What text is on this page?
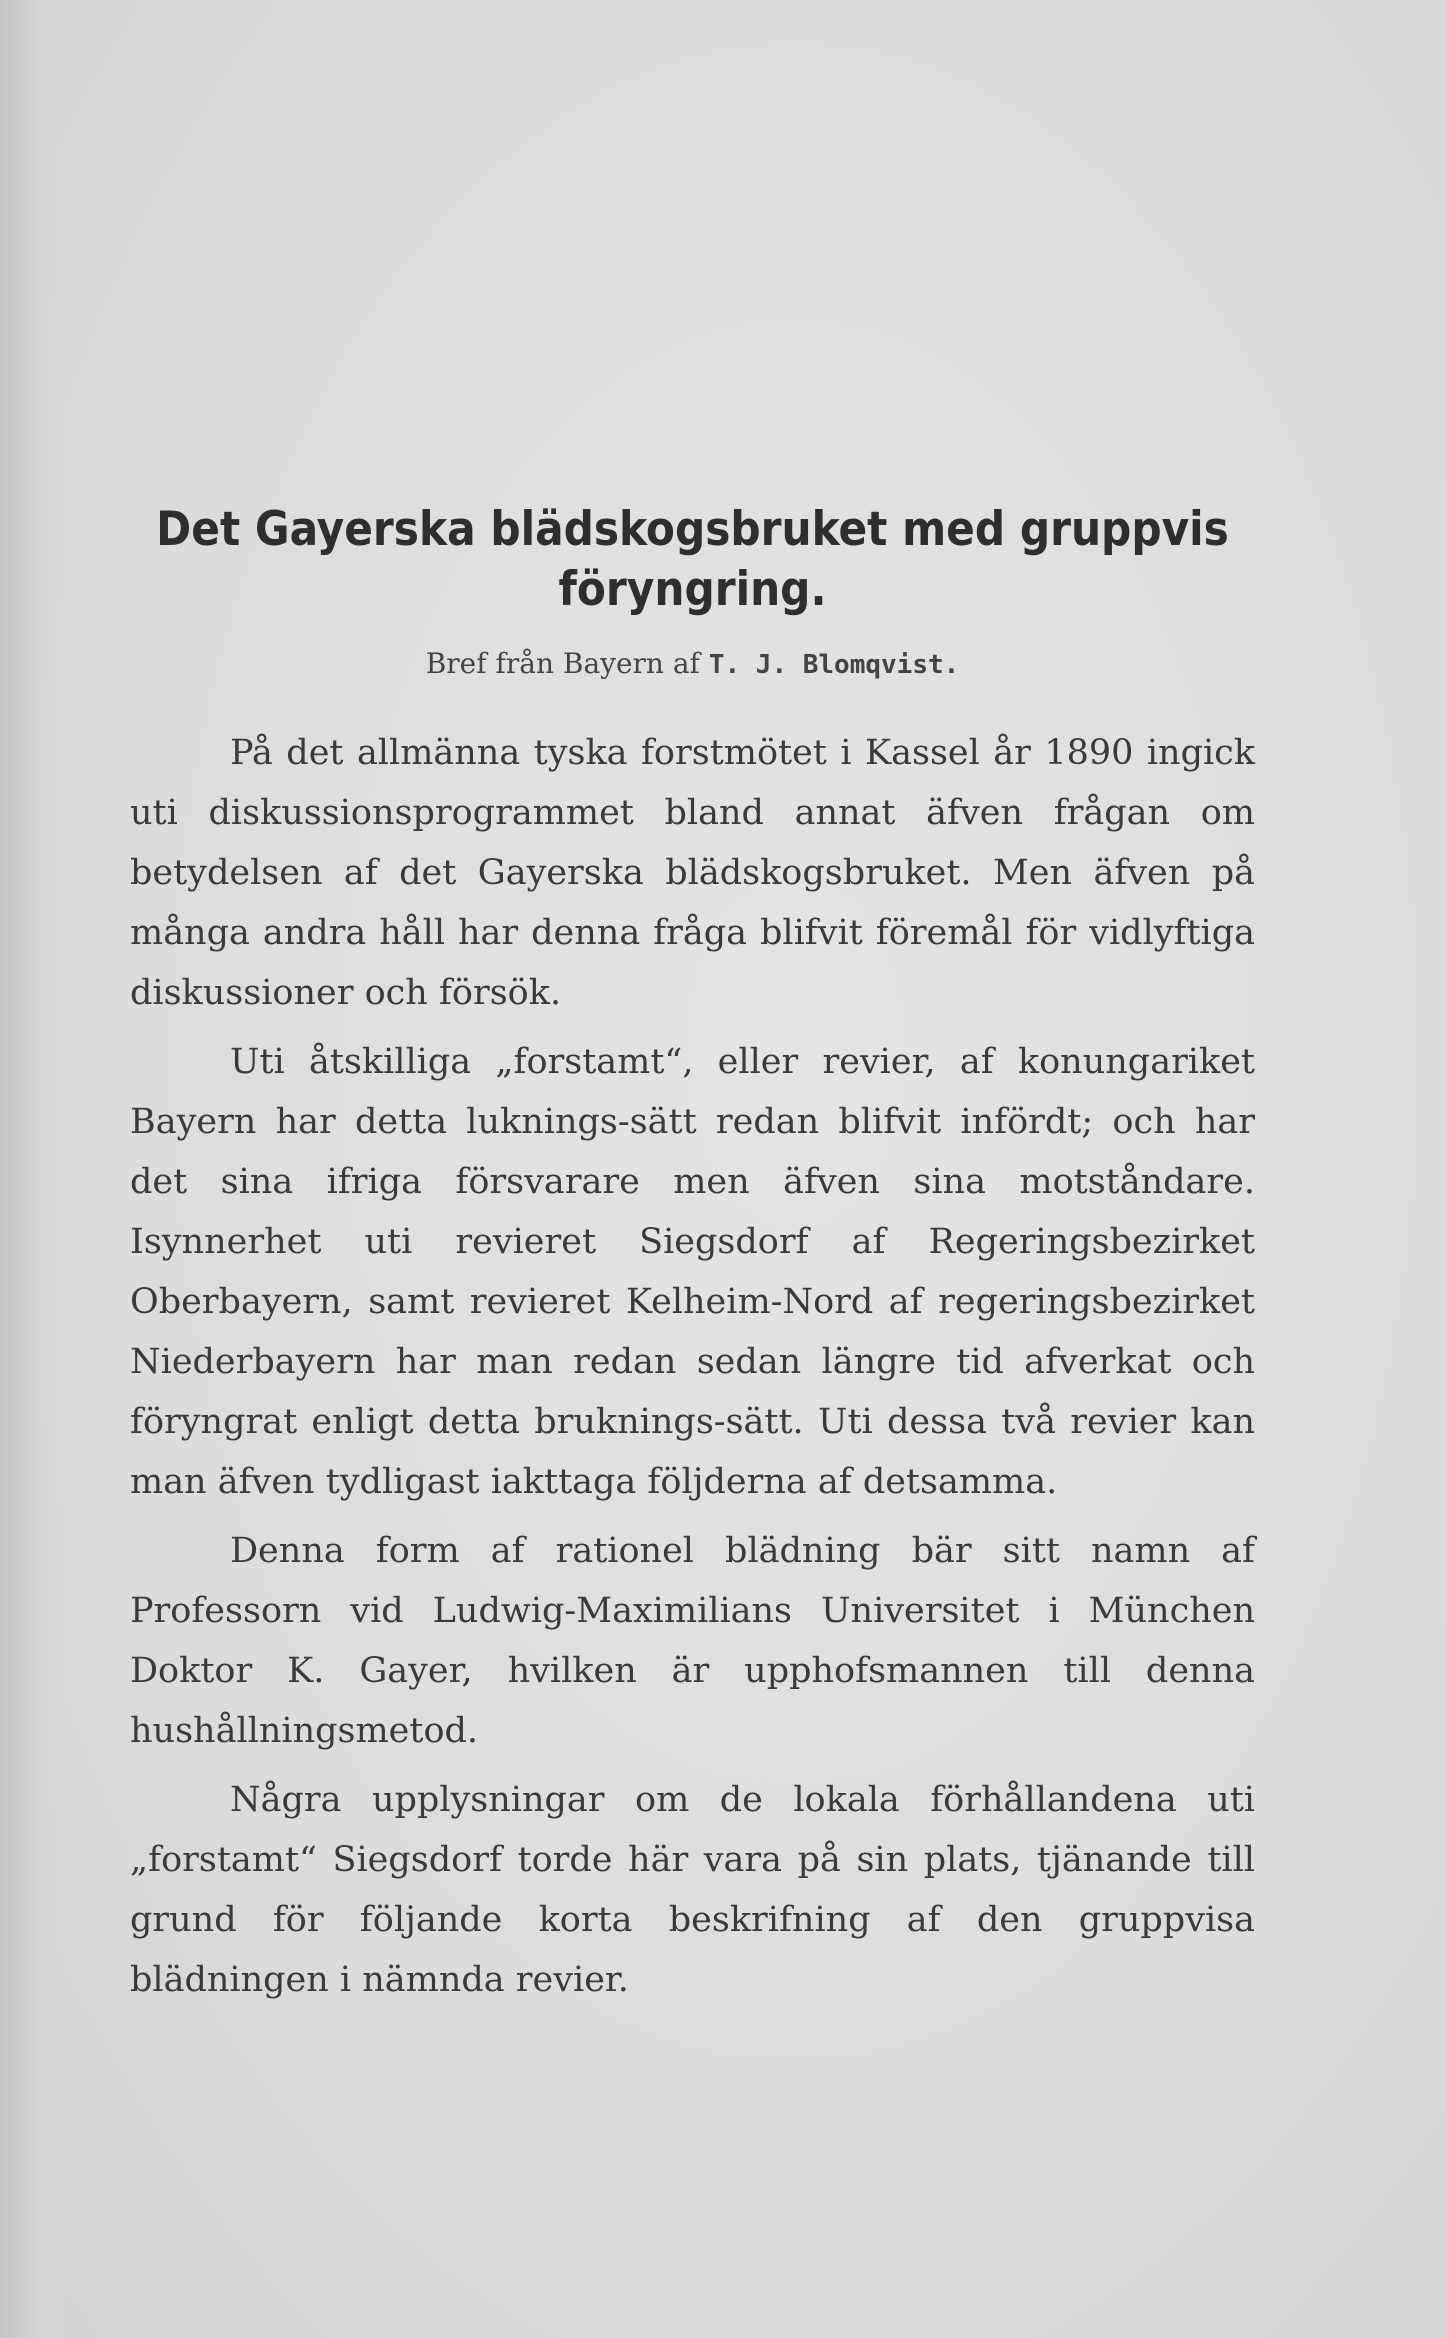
Det Gayerska blädskogsbruket med gruppvis föryngring.
Bref från Bayern af T. J. Blomqvist.

På det allmänna tyska forstmötet i Kassel år 1890 ingick uti diskussionsprogrammet bland annat äfven frågan om betydelsen af det Gayerska blädskogsbruket. Men äfven på många andra håll har denna fråga blifvit föremål för vidlyftiga diskussioner och försök.

Uti åtskilliga „forstamt“, eller revier, af konungariket Bayern har detta luknings-sätt redan blifvit infördt; och har det sina ifriga försvarare men äfven sina motståndare. Isynnerhet uti revieret Siegsdorf af Regeringsbezirket Oberbayern, samt revieret Kelheim-Nord af regeringsbezirket Niederbayern har man redan sedan längre tid afverkat och föryngrat enligt detta bruknings-sätt. Uti dessa två revier kan man äfven tydligast iakttaga följderna af detsamma.

Denna form af rationel blädning bär sitt namn af Professorn vid Ludwig-Maximilians Universitet i München Doktor K. Gayer, hvilken är upphofsmannen till denna hushållningsmetod.

Några upplysningar om de lokala förhållandena uti „forstamt“ Siegsdorf torde här vara på sin plats, tjänande till grund för följande korta beskrifning af den gruppvisa blädningen i nämnda revier.
